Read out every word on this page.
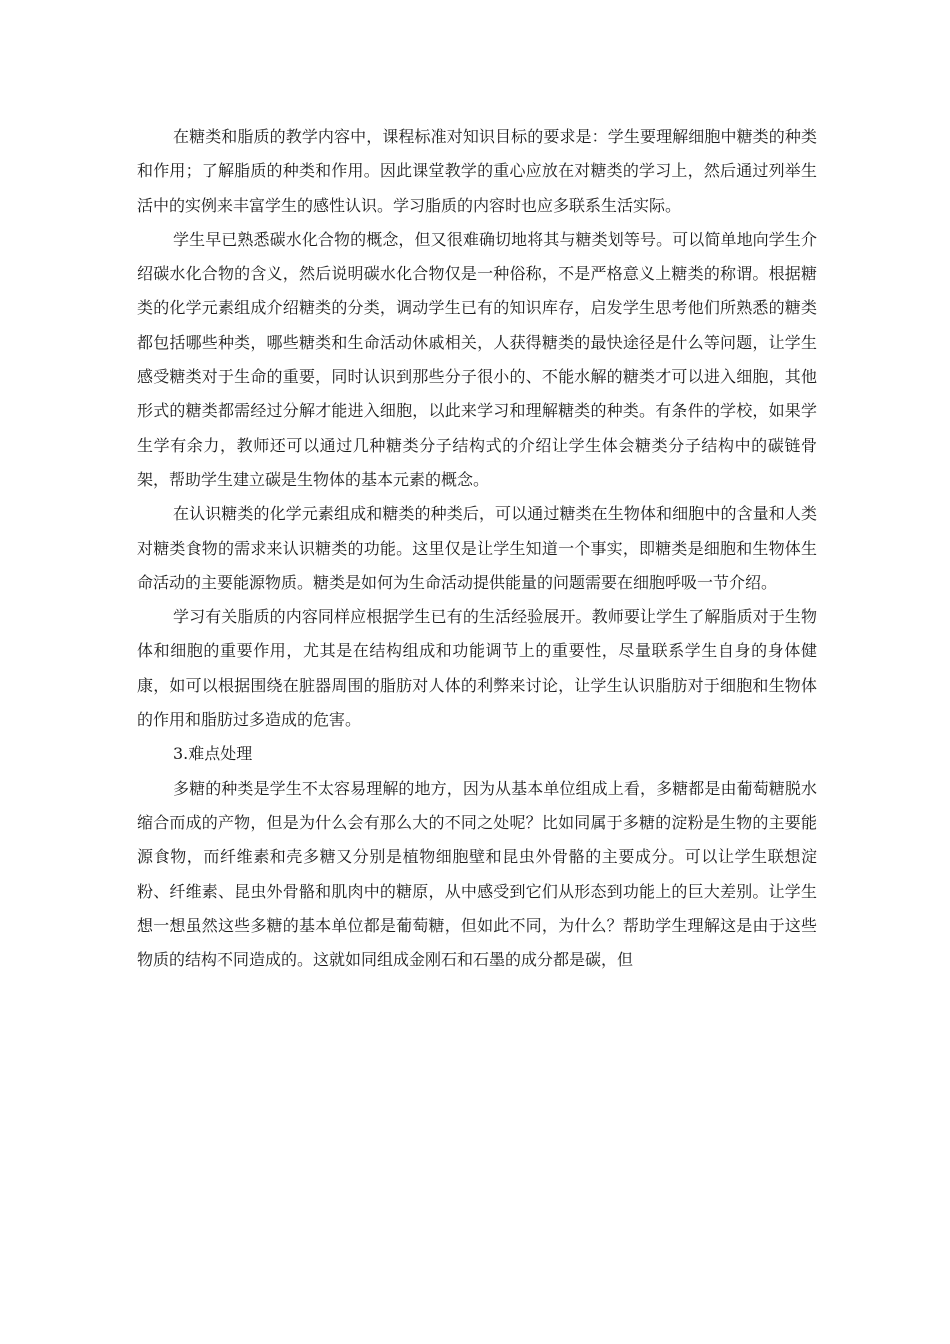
在糖类和脂质的教学内容中，课程标准对知识目标的要求是：学生要理解细胞中糖类的种类和作用；了解脂质的种类和作用。因此课堂教学的重心应放在对糖类的学习上，然后通过列举生活中的实例来丰富学生的感性认识。学习脂质的内容时也应多联系生活实际。

学生早已熟悉碳水化合物的概念，但又很难确切地将其与糖类划等号。可以简单地向学生介绍碳水化合物的含义，然后说明碳水化合物仅是一种俗称，不是严格意义上糖类的称谓。根据糖类的化学元素组成介绍糖类的分类，调动学生已有的知识库存，启发学生思考他们所熟悉的糖类都包括哪些种类，哪些糖类和生命活动休戚相关，人获得糖类的最快途径是什么等问题，让学生感受糖类对于生命的重要，同时认识到那些分子很小的、不能水解的糖类才可以进入细胞，其他形式的糖类都需经过分解才能进入细胞，以此来学习和理解糖类的种类。有条件的学校，如果学生学有余力，教师还可以通过几种糖类分子结构式的介绍让学生体会糖类分子结构中的碳链骨架，帮助学生建立碳是生物体的基本元素的概念。

在认识糖类的化学元素组成和糖类的种类后，可以通过糖类在生物体和细胞中的含量和人类对糖类食物的需求来认识糖类的功能。这里仅是让学生知道一个事实，即糖类是细胞和生物体生命活动的主要能源物质。糖类是如何为生命活动提供能量的问题需要在细胞呼吸一节介绍。

学习有关脂质的内容同样应根据学生已有的生活经验展开。教师要让学生了解脂质对于生物体和细胞的重要作用，尤其是在结构组成和功能调节上的重要性，尽量联系学生自身的身体健康，如可以根据围绕在脏器周围的脂肪对人体的利弊来讨论，让学生认识脂肪对于细胞和生物体的作用和脂肪过多造成的危害。

3.难点处理

多糖的种类是学生不太容易理解的地方，因为从基本单位组成上看，多糖都是由葡萄糖脱水缩合而成的产物，但是为什么会有那么大的不同之处呢？比如同属于多糖的淀粉是生物的主要能源食物，而纤维素和壳多糖又分别是植物细胞壁和昆虫外骨骼的主要成分。可以让学生联想淀粉、纤维素、昆虫外骨骼和肌肉中的糖原，从中感受到它们从形态到功能上的巨大差别。让学生想一想虽然这些多糖的基本单位都是葡萄糖，但如此不同，为什么？帮助学生理解这是由于这些物质的结构不同造成的。这就如同组成金刚石和石墨的成分都是碳，但
